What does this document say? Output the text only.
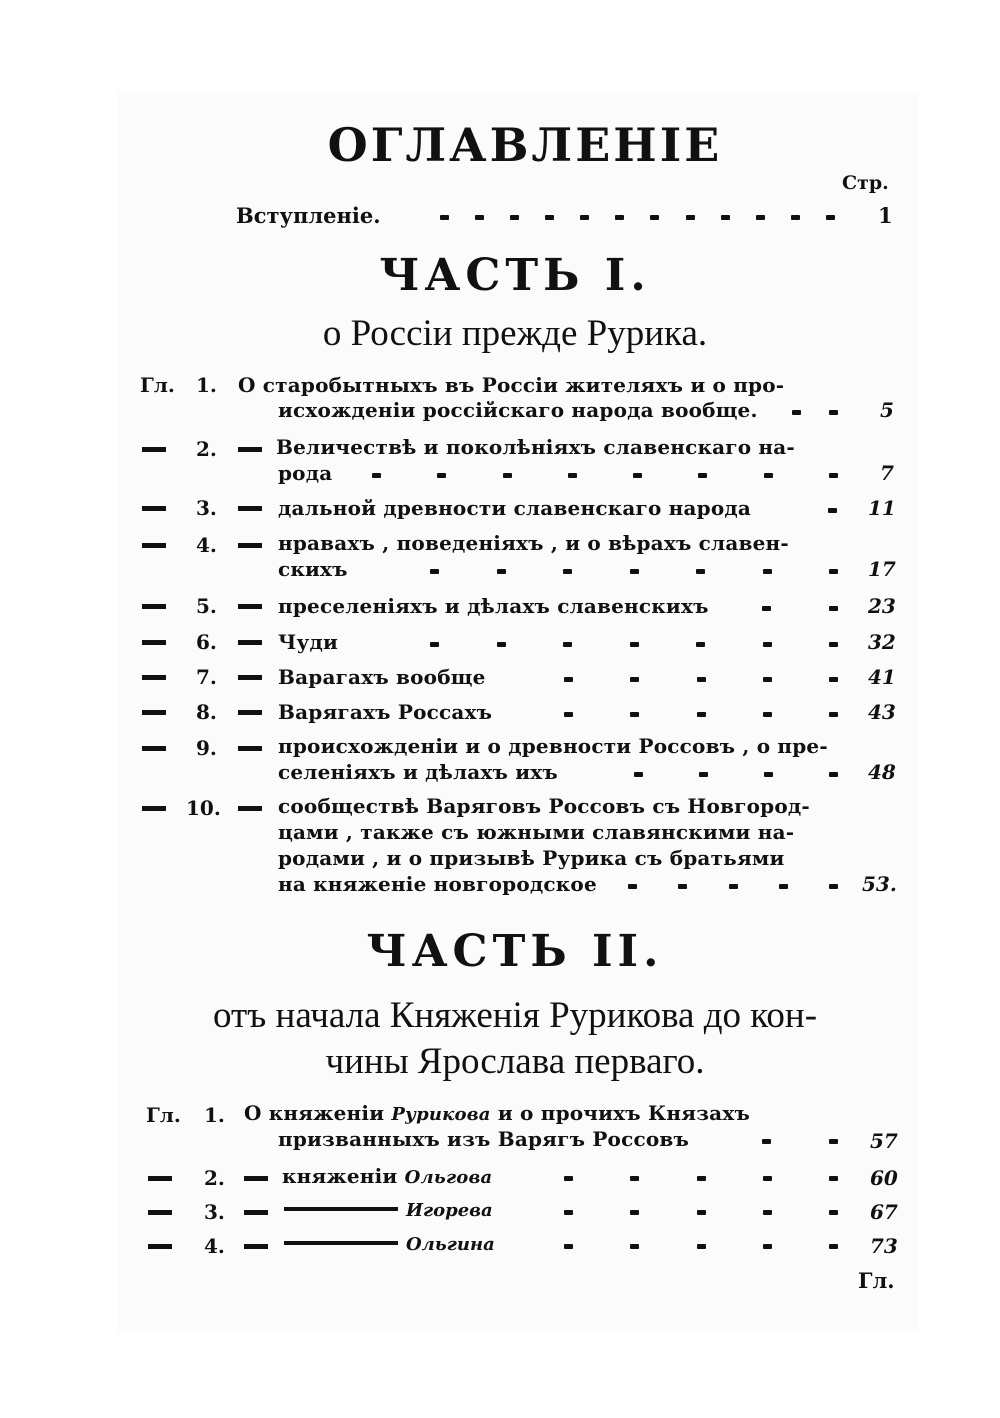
ОГЛАВЛЕНІЕ
Стр.
Вступленіе.	1
ЧАСТЬ I.
о Россіи прежде Рурика.
Гл. 1. О старобытныхъ въ Россіи жителяхъ и о про-
исхожденіи россійскаго народа вообще.	5
2.	Величествѣ и поколѣніяхъ славенскаго на-
рода	7
3.	дальной древности славенскаго народа	11
4.	нравахъ , поведеніяхъ , и о вѣрахъ славен-
скихъ	17
5.	преселеніяхъ и дѣлахъ славенскихъ	23
6.	Чуди	32
7.	Варагахъ вообще	41
8.	Варягахъ Россахъ	43
9.	происхожденіи и о древности Россовъ , о пре-
селеніяхъ и дѣлахъ ихъ	48
10.	сообществѣ Варяговъ Россовъ съ Новгород-
цами , также съ южными славянскими на-
родами , и о призывѣ Рурика съ братьями
на княженіе новгородское	53.
ЧАСТЬ II.
отъ начала Княженія Рурикова до кон-
чины Ярослава перваго.
Гл. 1. О княженіи Рурикова и о прочихъ Князахъ
призванныхъ изъ Варягъ Россовъ	57
2.	княженіи Ольгова	60
3.	Игорева	67
4.	Ольгина	73
Гл.
